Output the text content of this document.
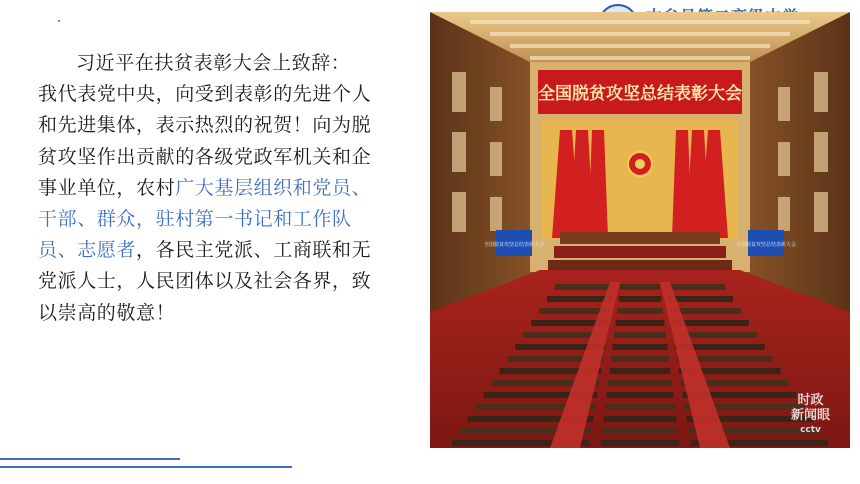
习近平在扶贫表彰大会上致辞：

我代表党中央，向受到表彰的先进个人和先进集体，表示热烈的祝贺！向为脱贫攻坚作出贡献的各级党政军机关和企事业单位，农村广大基层组织和党员、干部、群众，驻村第一书记和工作队员、志愿者，各民主党派、工商联和无党派人士，人民团体以及社会各界，致以崇高的敬意！

全国脱贫攻坚总结表彰大会
全国脱贫攻坚总结表彰大会	全国脱贫攻坚总结表彰大会
时政
新闻眼
cctv
